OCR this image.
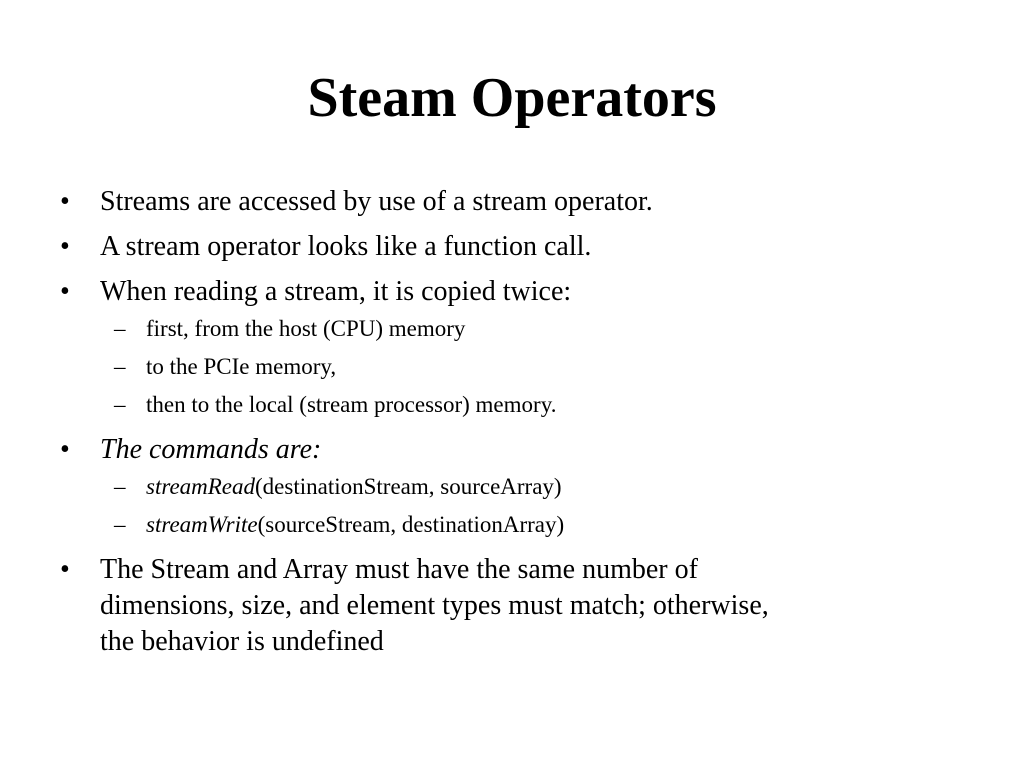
Steam Operators
• Streams are accessed by use of a stream operator.
• A stream operator looks like a function call.
• When reading a stream, it is copied twice:
– first, from the host (CPU) memory
– to the PCIe memory,
– then to the local (stream processor) memory.
• The commands are:
– streamRead(destinationStream, sourceArray)
– streamWrite(sourceStream, destinationArray)
• The Stream and Array must have the same number of
dimensions, size, and element types must match; otherwise,
the behavior is undefined
